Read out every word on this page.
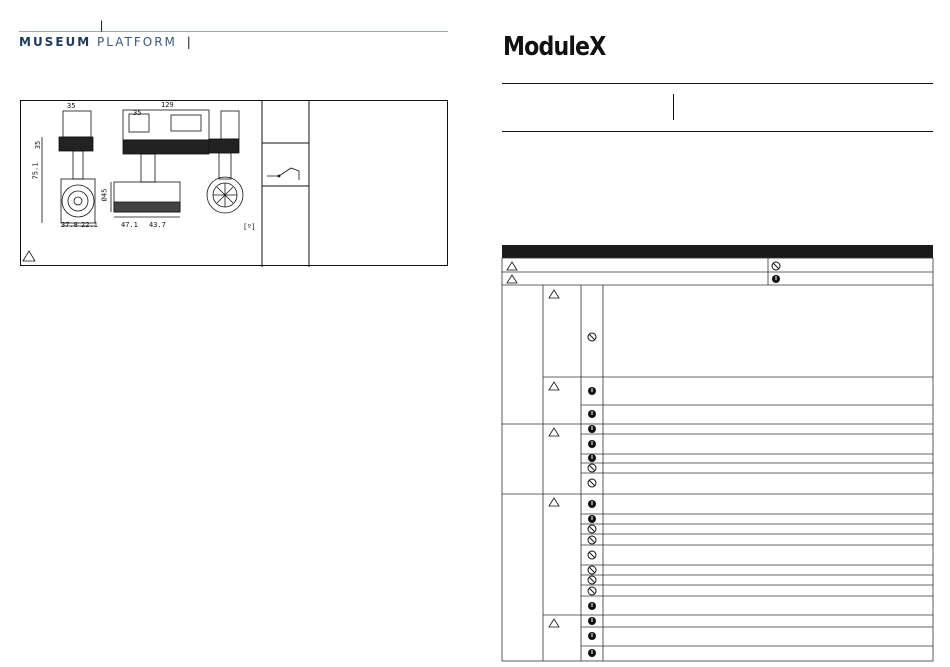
|
MUSEUM PLATFORM |
35	129
35
35
75.1
37.8 22.1
Ø45
47.1 43.7	[º]
ModuleX
